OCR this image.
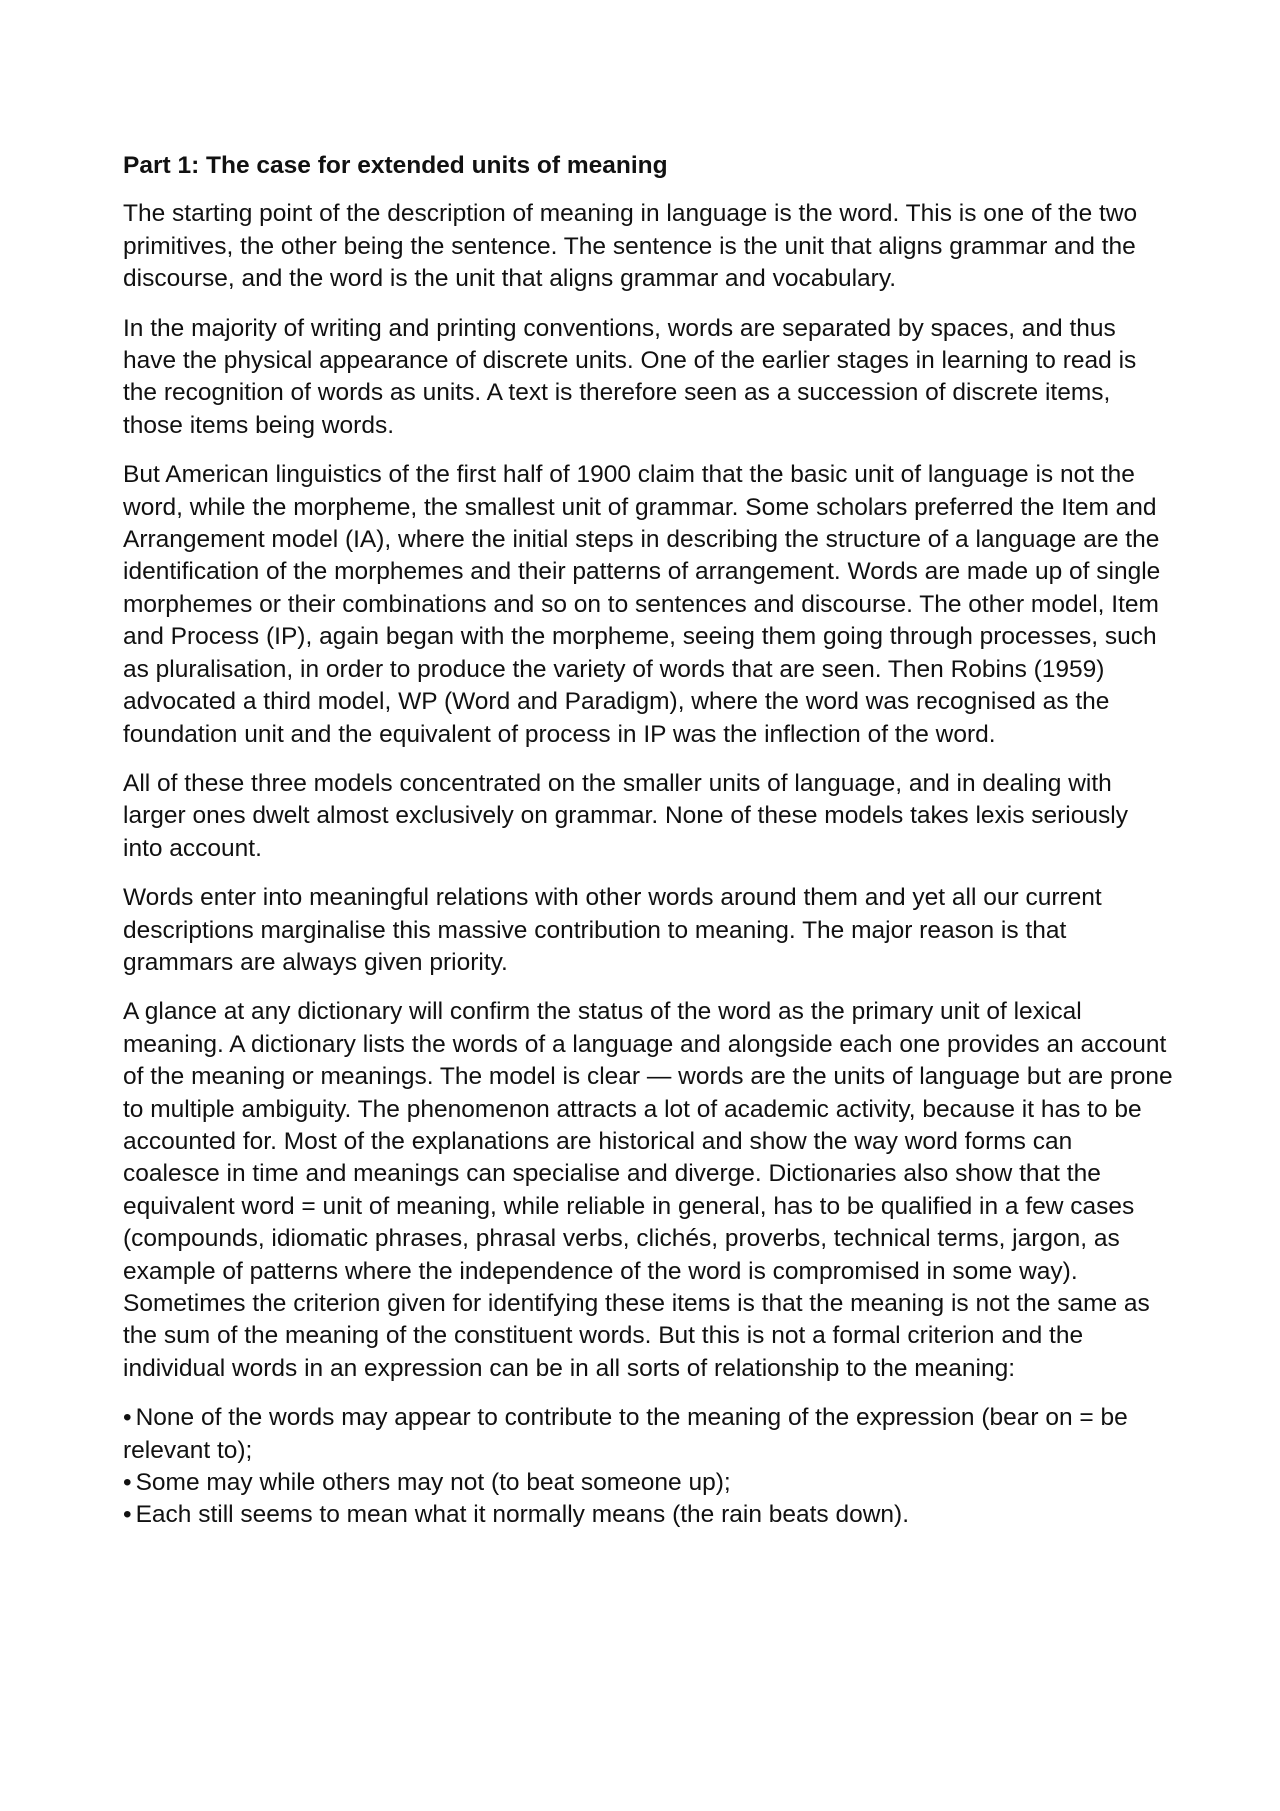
Part 1: The case for extended units of meaning

The starting point of the description of meaning in language is the word. This is one of the two primitives, the other being the sentence. The sentence is the unit that aligns grammar and the discourse, and the word is the unit that aligns grammar and vocabulary.

In the majority of writing and printing conventions, words are separated by spaces, and thus have the physical appearance of discrete units. One of the earlier stages in learning to read is the recognition of words as units. A text is therefore seen as a succession of discrete items, those items being words.

But American linguistics of the first half of 1900 claim that the basic unit of language is not the word, while the morpheme, the smallest unit of grammar. Some scholars preferred the Item and Arrangement model (IA), where the initial steps in describing the structure of a language are the identification of the morphemes and their patterns of arrangement. Words are made up of single morphemes or their combinations and so on to sentences and discourse. The other model, Item and Process (IP), again began with the morpheme, seeing them going through processes, such as pluralisation, in order to produce the variety of words that are seen. Then Robins (1959) advocated a third model, WP (Word and Paradigm), where the word was recognised as the foundation unit and the equivalent of process in IP was the inflection of the word.

All of these three models concentrated on the smaller units of language, and in dealing with larger ones dwelt almost exclusively on grammar. None of these models takes lexis seriously into account.

Words enter into meaningful relations with other words around them and yet all our current descriptions marginalise this massive contribution to meaning. The major reason is that grammars are always given priority.

A glance at any dictionary will confirm the status of the word as the primary unit of lexical meaning. A dictionary lists the words of a language and alongside each one provides an account of the meaning or meanings. The model is clear — words are the units of language but are prone to multiple ambiguity. The phenomenon attracts a lot of academic activity, because it has to be accounted for. Most of the explanations are historical and show the way word forms can coalesce in time and meanings can specialise and diverge. Dictionaries also show that the equivalent word = unit of meaning, while reliable in general, has to be qualified in a few cases (compounds, idiomatic phrases, phrasal verbs, clichés, proverbs, technical terms, jargon, as example of patterns where the independence of the word is compromised in some way). Sometimes the criterion given for identifying these items is that the meaning is not the same as the sum of the meaning of the constituent words. But this is not a formal criterion and the individual words in an expression can be in all sorts of relationship to the meaning:

• None of the words may appear to contribute to the meaning of the expression (bear on = be relevant to);
• Some may while others may not (to beat someone up);
• Each still seems to mean what it normally means (the rain beats down).
